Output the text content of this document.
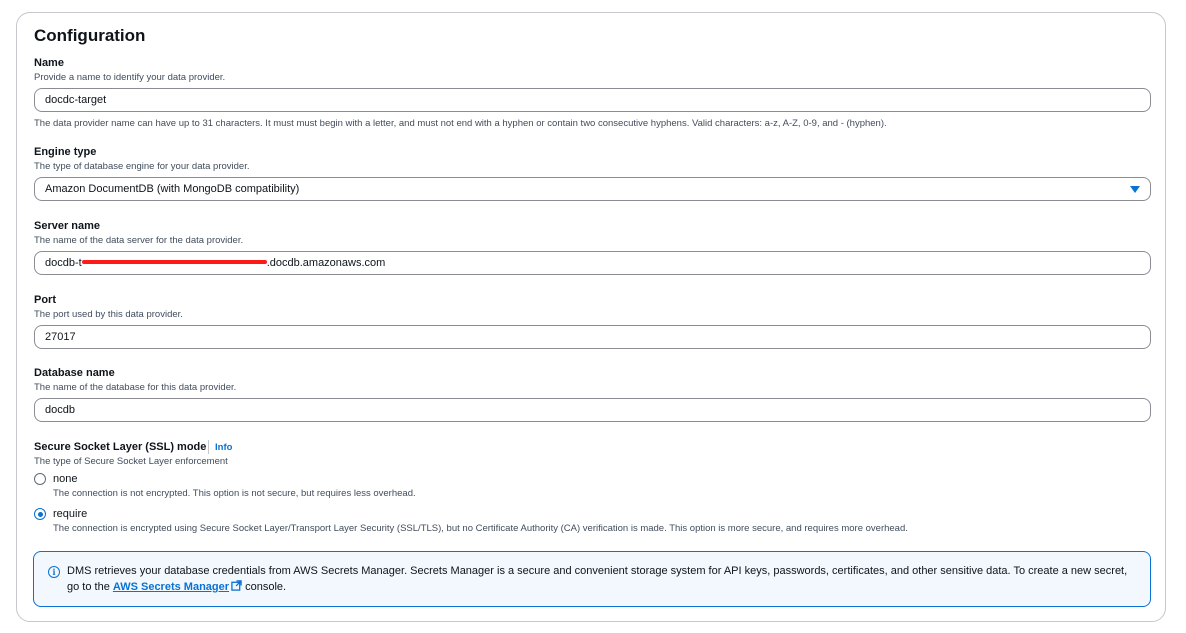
Configuration
Name
Provide a name to identify your data provider.
docdc-target
The data provider name can have up to 31 characters. It must must begin with a letter, and must not end with a hyphen or contain two consecutive hyphens. Valid characters: a-z, A-Z, 0-9, and - (hyphen).
Engine type
The type of database engine for your data provider.
Amazon DocumentDB (with MongoDB compatibility)
Server name
The name of the data server for the data provider.
docdb-t	.docdb.amazonaws.com
Port
The port used by this data provider.
27017
Database name
The name of the database for this data provider.
docdb
Secure Socket Layer (SSL) mode Info
The type of Secure Socket Layer enforcement
none
The connection is not encrypted. This option is not secure, but requires less overhead.
require
The connection is encrypted using Secure Socket Layer/Transport Layer Security (SSL/TLS), but no Certificate Authority (CA) verification is made. This option is more secure, and requires more overhead.
i	DMS retrieves your database credentials from AWS Secrets Manager. Secrets Manager is a secure and convenient storage system for API keys, passwords, certificates, and other sensitive data. To create a new secret, go to the AWS Secrets Manager console.
